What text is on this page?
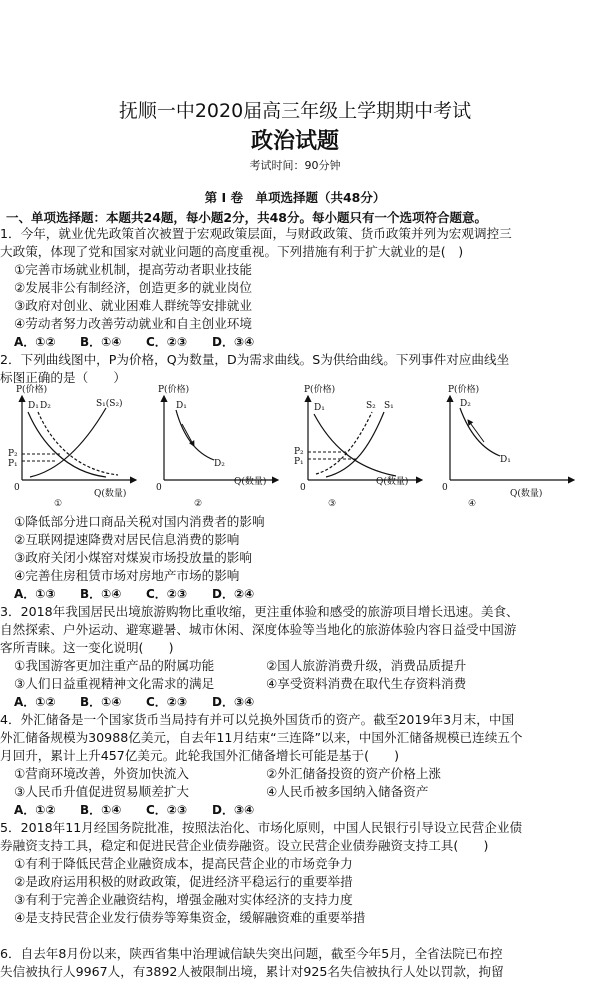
抚顺一中2020届高三年级上学期期中考试
政治试题
考试时间：90分钟
第 Ⅰ 卷　单项选择题（共48分）
一、单项选择题：本题共24题，每小题2分，共48分。每小题只有一个选项符合题意。
1．今年，就业优先政策首次被置于宏观政策层面，与财政政策、货币政策并列为宏观调控三
大政策，体现了党和国家对就业问题的高度重视。下列措施有利于扩大就业的是(　)
①完善市场就业机制，提高劳动者职业技能
②发展非公有制经济，创造更多的就业岗位
③政府对创业、就业困难人群统等安排就业
④劳动者努力改善劳动就业和自主创业环境
A．①② B．①④ C．②③ D．③④
2．下列曲线图中，P为价格，Q为数量，D为需求曲线。S为供给曲线。下列事件对应曲线坐
标图正确的是（　　）
P(价格)
Q(数量)
0
D₁ D₂	S₁(S₂)
P₂
P₁
①
P(价格)
Q(数量)
0
D₁
D₂
②
P(价格)
Q(数量)
0
D₁	S₂ S₁
P₂
P₁
③
P(价格)
Q(数量)
0
D₂
D₁
④
①降低部分进口商品关税对国内消费者的影响
②互联网提速降费对居民信息消费的影响
③政府关闭小煤窑对煤炭市场投放量的影响
④完善住房租赁市场对房地产市场的影响
A．①③ B．①④ C．②③ D．②④
3．2018年我国居民出境旅游购物比重收缩，更注重体验和感受的旅游项目增长迅速。美食、
自然探索、户外运动、避寒避暑、城市休闲、深度体验等当地化的旅游体验内容日益受中国游
客所青睐。这一变化说明(　　)
①我国游客更加注重产品的附属功能	②国人旅游消费升级，消费品质提升
③人们日益重视精神文化需求的满足	④享受资料消费在取代生存资料消费
A．①② B．①④ C．②③ D．③④
4．外汇储备是一个国家货币当局持有并可以兑换外国货币的资产。截至2019年3月末，中国
外汇储备规模为30988亿美元，自去年11月结束“三连降”以来，中国外汇储备规模已连续五个
月回升，累计上升457亿美元。此轮我国外汇储备增长可能是基于(　　)
①营商环境改善，外资加快流入	②外汇储备投资的资产价格上涨
③人民币升值促进贸易顺差扩大	④人民币被多国纳入储备资产
A．①② B．①④ C．②③ D．③④
5．2018年11月经国务院批准，按照法治化、市场化原则，中国人民银行引导设立民营企业债
券融资支持工具，稳定和促进民营企业债券融资。设立民营企业债券融资支持工具(　　)
①有利于降低民营企业融资成本，提高民营企业的市场竞争力
②是政府运用积极的财政政策，促进经济平稳运行的重要举措
③有利于完善企业融资结构，增强金融对实体经济的支持力度
④是支持民营企业发行债券等筹集资金，缓解融资难的重要举措
6．自去年8月份以来，陕西省集中治理诚信缺失突出问题，截至今年5月，全省法院已布控
失信被执行人9967人，有3892人被限制出境，累计对925名失信被执行人处以罚款，拘留
